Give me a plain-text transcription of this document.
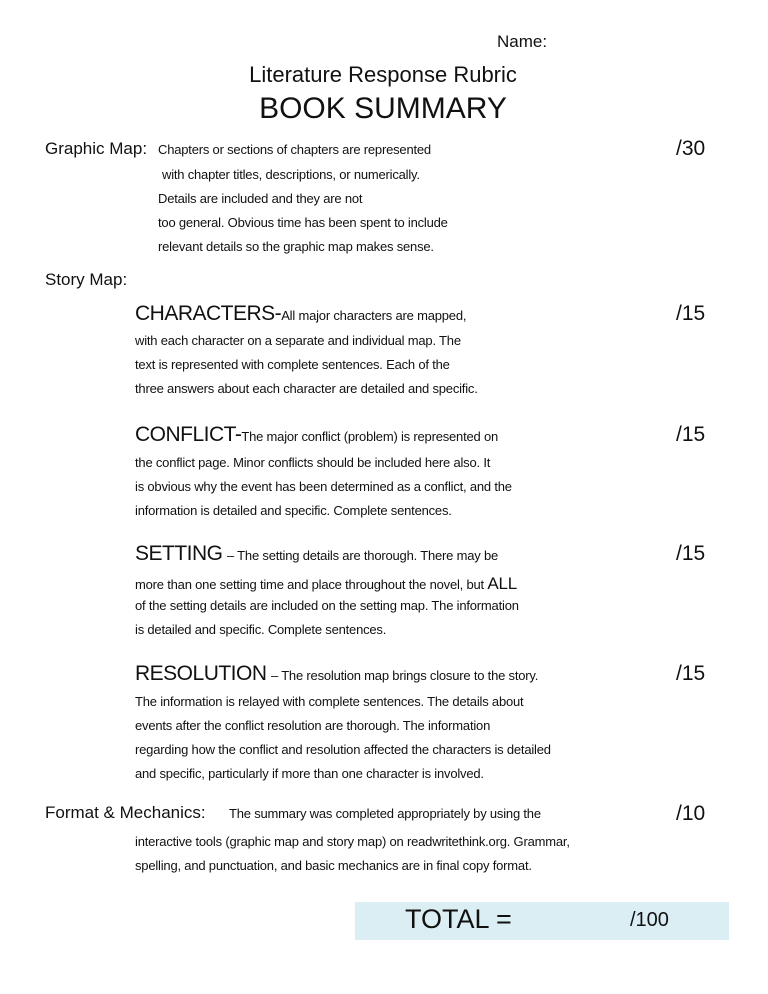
Name:
Literature Response Rubric
BOOK SUMMARY
Graphic Map: Chapters or sections of chapters are represented
with chapter titles, descriptions, or numerically.
Details are included and they are not
too general. Obvious time has been spent to include
relevant details so the graphic map makes sense.
/30
Story Map:
CHARACTERS-All major characters are mapped,
with each character on a separate and individual map. The
text is represented with complete sentences. Each of the
three answers about each character are detailed and specific.
/15
CONFLICT-The major conflict (problem) is represented on
the conflict page. Minor conflicts should be included here also. It
is obvious why the event has been determined as a conflict, and the
information is detailed and specific. Complete sentences.
/15
SETTING – The setting details are thorough. There may be
more than one setting time and place throughout the novel, but ALL
of the setting details are included on the setting map. The information
is detailed and specific. Complete sentences.
/15
RESOLUTION – The resolution map brings closure to the story.
The information is relayed with complete sentences. The details about
events after the conflict resolution are thorough. The information
regarding how the conflict and resolution affected the characters is detailed
and specific, particularly if more than one character is involved.
/15
Format & Mechanics: The summary was completed appropriately by using the
interactive tools (graphic map and story map) on readwritethink.org. Grammar,
spelling, and punctuation, and basic mechanics are in final copy format.
/10
TOTAL =	/100
